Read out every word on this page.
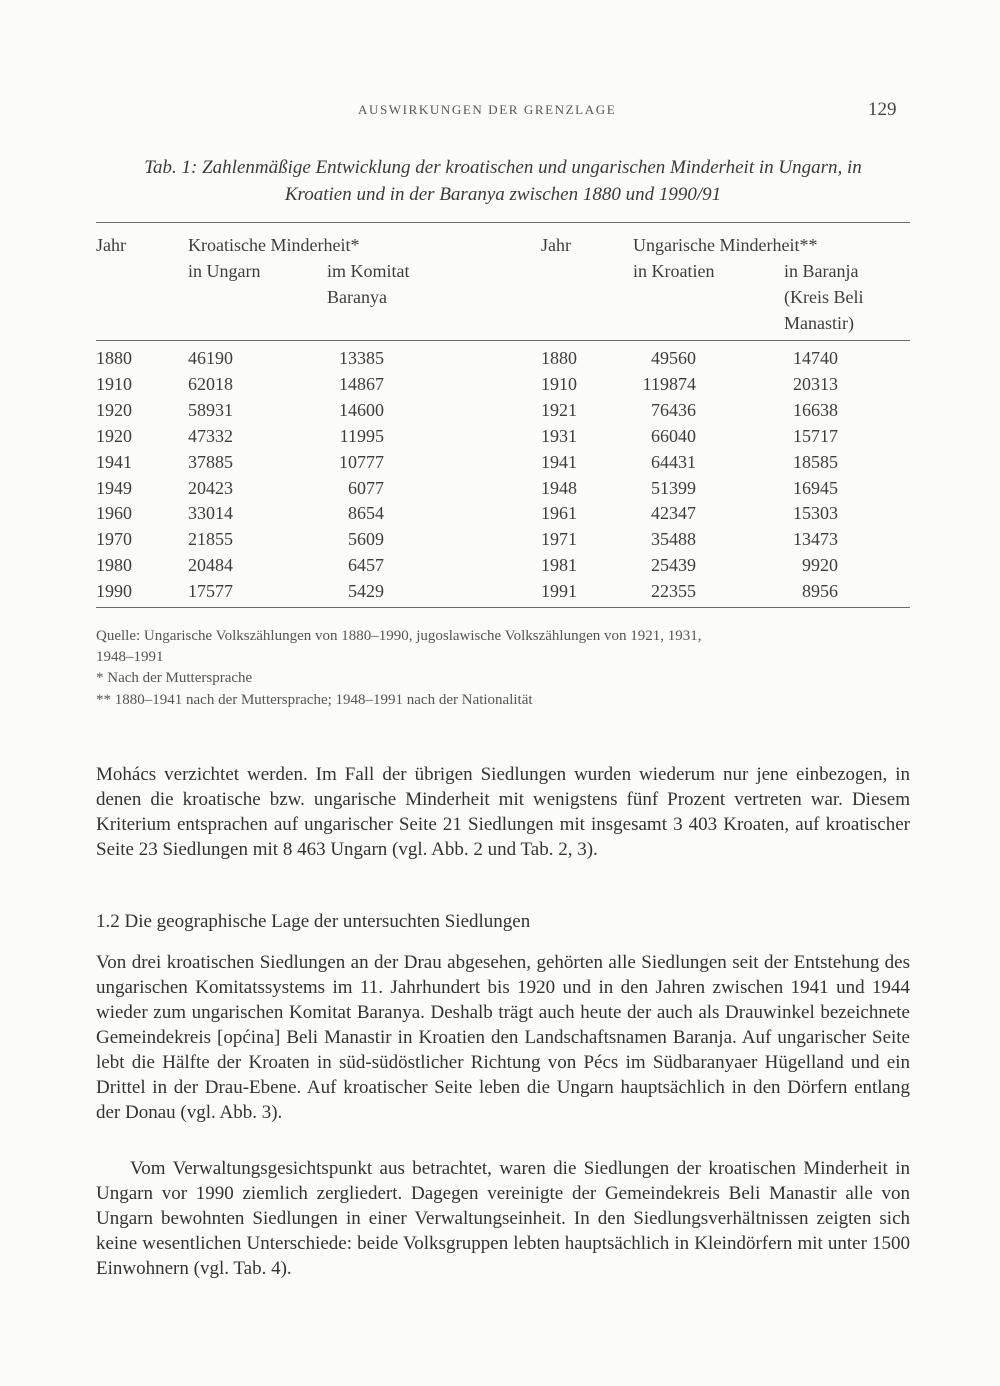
AUSWIRKUNGEN DER GRENZLAGE	129
Tab. 1: Zahlenmäßige Entwicklung der kroatischen und ungarischen Minderheit in Ungarn, in
Kroatien und in der Baranya zwischen 1880 und 1990/91
Jahr	Kroatische Minderheit*
in Ungarn	im Komitat
Baranya
Jahr	Ungarische Minderheit**
in Kroatien	in Baranja
(Kreis Beli
Manastir)
1880	46190	13385	1880	49560	14740
1910	62018	14867	1910	119874	20313
1920	58931	14600	1921	76436	16638
1920	47332	11995	1931	66040	15717
1941	37885	10777	1941	64431	18585
1949	20423	6077	1948	51399	16945
1960	33014	8654	1961	42347	15303
1970	21855	5609	1971	35488	13473
1980	20484	6457	1981	25439	9920
1990	17577	5429	1991	22355	8956
Quelle: Ungarische Volkszählungen von 1880–1990, jugoslawische Volkszählungen von 1921, 1931,
1948–1991
* Nach der Muttersprache
** 1880–1941 nach der Muttersprache; 1948–1991 nach der Nationalität
Mohács verzichtet werden. Im Fall der übrigen Siedlungen wurden wiederum nur jene einbezogen, in denen die kroatische bzw. ungarische Minderheit mit wenigstens fünf Prozent vertreten war. Diesem Kriterium entsprachen auf ungarischer Seite 21 Siedlungen mit insgesamt 3 403 Kroaten, auf kroatischer Seite 23 Siedlungen mit 8 463 Ungarn (vgl. Abb. 2 und Tab. 2, 3).
1.2 Die geographische Lage der untersuchten Siedlungen
Von drei kroatischen Siedlungen an der Drau abgesehen, gehörten alle Siedlungen seit der Entstehung des ungarischen Komitatssystems im 11. Jahrhundert bis 1920 und in den Jahren zwischen 1941 und 1944 wieder zum ungarischen Komitat Baranya. Deshalb trägt auch heute der auch als Drauwinkel bezeichnete Gemeindekreis [općina] Beli Manastir in Kroatien den Landschaftsnamen Baranja. Auf ungarischer Seite lebt die Hälfte der Kroaten in süd-südöstlicher Richtung von Pécs im Südbaranyaer Hügelland und ein Drittel in der Drau-Ebene. Auf kroatischer Seite leben die Ungarn hauptsächlich in den Dörfern entlang der Donau (vgl. Abb. 3).
Vom Verwaltungsgesichtspunkt aus betrachtet, waren die Siedlungen der kroatischen Minderheit in Ungarn vor 1990 ziemlich zergliedert. Dagegen vereinigte der Gemeindekreis Beli Manastir alle von Ungarn bewohnten Siedlungen in einer Verwaltungseinheit. In den Siedlungsverhältnissen zeigten sich keine wesentlichen Unterschiede: beide Volksgruppen lebten hauptsächlich in Kleindörfern mit unter 1500 Einwohnern (vgl. Tab. 4).
